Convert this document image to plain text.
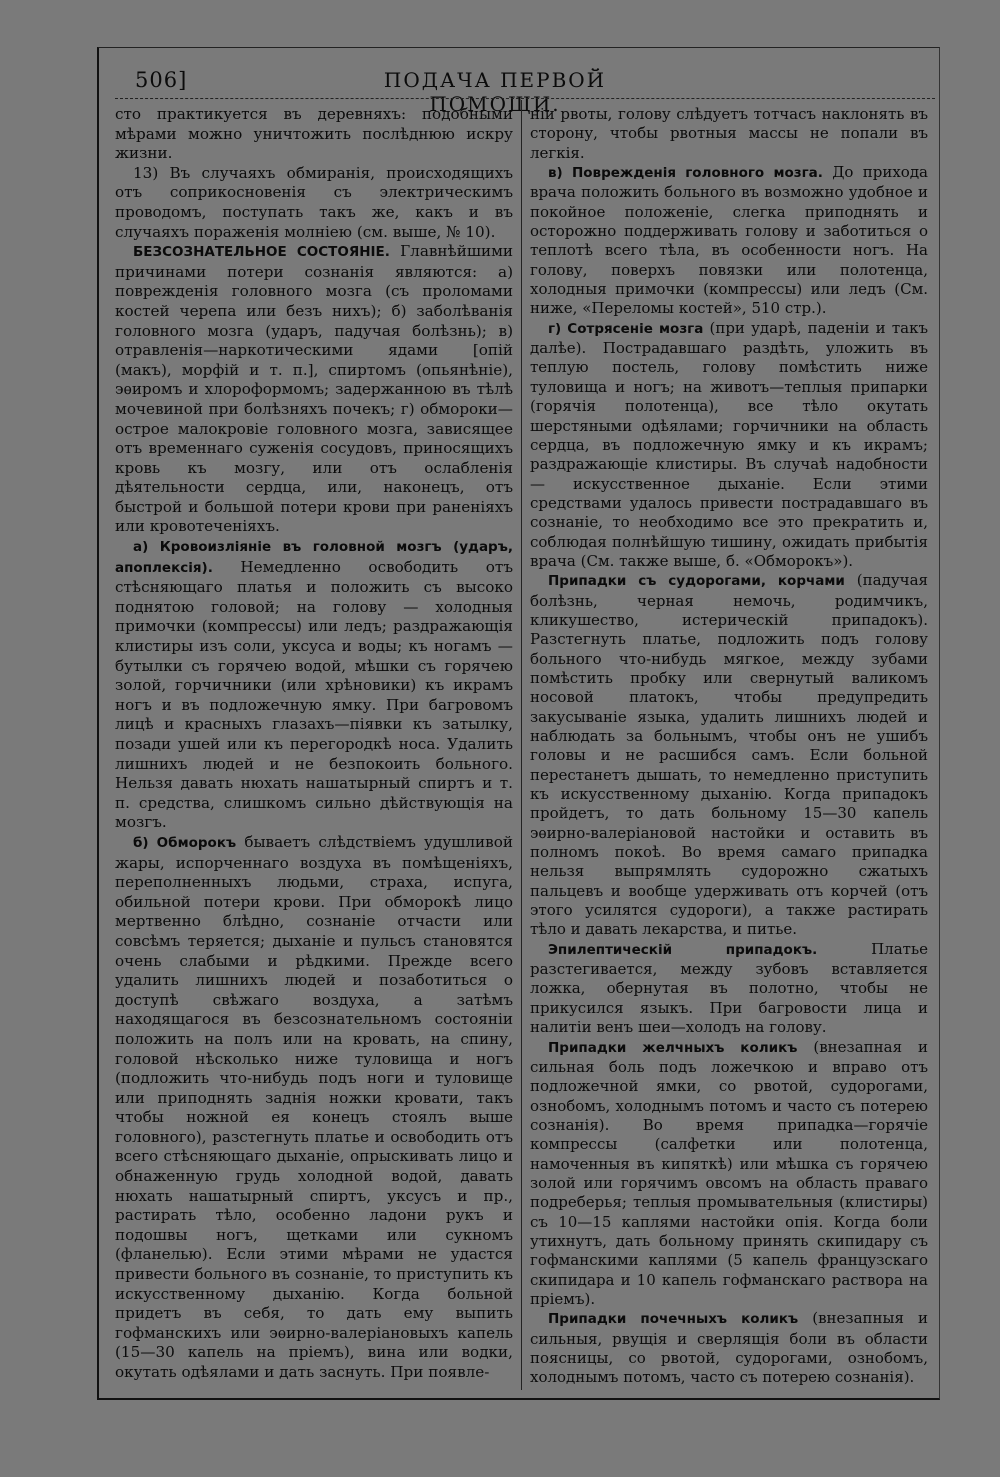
506]	ПОДАЧА ПЕРВОЙ ПОМОЩИ.

сто практикуется въ деревняхъ: подобными мѣрами можно уничтожить послѣднюю искру жизни.

13) Въ случаяхъ обмиранія, происходящихъ отъ соприкосновенія съ электрическимъ проводомъ, поступать такъ же, какъ и въ случаяхъ пораженія молніею (см. выше, № 10).

БЕЗСОЗНАТЕЛЬНОЕ СОСТОЯНІЕ. Главнѣйшими причинами потери сознанія являются: а) поврежденія головного мозга (съ проломами костей черепа или безъ нихъ); б) заболѣванія головного мозга (ударъ, падучая болѣзнь); в) отравленія—наркотическими ядами [опій (макъ), морфій и т. п.], спиртомъ (опьянѣніе), эѳиромъ и хлороформомъ; задержанною въ тѣлѣ мочевиной при болѣзняхъ почекъ; г) обмороки—острое малокровіе головного мозга, зависящее отъ временнаго суженія сосудовъ, приносящихъ кровь къ мозгу, или отъ ослабленія дѣятельности сердца, или, наконецъ, отъ быстрой и большой потери крови при раненіяхъ или кровотеченіяхъ.

а) Кровоизліяніе въ головной мозгъ (ударъ, апоплексія). Немедленно освободить отъ стѣсняющаго платья и положить съ высоко поднятою головой; на голову — холодныя примочки (компрессы) или ледъ; раздражающія клистиры изъ соли, уксуса и воды; къ ногамъ — бутылки съ горячею водой, мѣшки съ горячею золой, горчичники (или хрѣновики) къ икрамъ ногъ и въ подложечную ямку. При багровомъ лицѣ и красныхъ глазахъ—піявки къ затылку, позади ушей или къ перегородкѣ носа. Удалить лишнихъ людей и не безпокоить больного. Нельзя давать нюхать нашатырный спиртъ и т. п. средства, слишкомъ сильно дѣйствующія на мозгъ.

б) Обморокъ бываетъ слѣдствіемъ удушливой жары, испорченнаго воздуха въ помѣщеніяхъ, переполненныхъ людьми, страха, испуга, обильной потери крови. При обморокѣ лицо мертвенно блѣдно, сознаніе отчасти или совсѣмъ теряется; дыханіе и пульсъ становятся очень слабыми и рѣдкими. Прежде всего удалить лишнихъ людей и позаботиться о доступѣ свѣжаго воздуха, а затѣмъ находящагося въ безсознательномъ состояніи положить на полъ или на кровать, на спину, головой нѣсколько ниже туловища и ногъ (подложить что-нибудь подъ ноги и туловище или приподнять заднія ножки кровати, такъ чтобы ножной ея конецъ стоялъ выше головного), разстегнуть платье и освободить отъ всего стѣсняющаго дыханіе, опрыскивать лицо и обнаженную грудь холодной водой, давать нюхать нашатырный спиртъ, уксусъ и пр., растирать тѣло, особенно ладони рукъ и подошвы ногъ, щетками или сукномъ (фланелью). Если этими мѣрами не удастся привести больного въ сознаніе, то приступить къ искусственному дыханію. Когда больной придетъ въ себя, то дать ему выпить гофманскихъ или эѳирно-валеріановыхъ капель (15—30 капель на пріемъ), вина или водки, окутать одѣялами и дать заснуть. При появле-

ніи рвоты, голову слѣдуетъ тотчасъ наклонять въ сторону, чтобы рвотныя массы не попали въ легкія.

в) Поврежденія головного мозга. До прихода врача положить больного въ возможно удобное и покойное положеніе, слегка приподнять и осторожно поддерживать голову и заботиться о теплотѣ всего тѣла, въ особенности ногъ. На голову, поверхъ повязки или полотенца, холодныя примочки (компрессы) или ледъ (См. ниже, «Переломы костей», 510 стр.).

г) Сотрясеніе мозга (при ударѣ, паденіи и такъ далѣе). Пострадавшаго раздѣть, уложить въ теплую постель, голову помѣстить ниже туловища и ногъ; на животъ—теплыя припарки (горячія полотенца), все тѣло окутать шерстяными одѣялами; горчичники на область сердца, въ подложечную ямку и къ икрамъ; раздражающіе клистиры. Въ случаѣ надобности — искусственное дыханіе. Если этими средствами удалось привести пострадавшаго въ сознаніе, то необходимо все это прекратить и, соблюдая полнѣйшую тишину, ожидать прибытія врача (См. также выше, б. «Обморокъ»).

Припадки съ судорогами, корчами (падучая болѣзнь, черная немочь, родимчикъ, кликушество, истерическій припадокъ). Разстегнуть платье, подложить подъ голову больного что-нибудь мягкое, между зубами помѣстить пробку или свернутый валикомъ носовой платокъ, чтобы предупредить закусываніе языка, удалить лишнихъ людей и наблюдать за больнымъ, чтобы онъ не ушибъ головы и не расшибся самъ. Если больной перестанетъ дышать, то немедленно приступить къ искусственному дыханію. Когда припадокъ пройдетъ, то дать больному 15—30 капель эѳирно-валеріановой настойки и оставить въ полномъ покоѣ. Во время самаго припадка нельзя выпрямлять судорожно сжатыхъ пальцевъ и вообще удерживать отъ корчей (отъ этого усилятся судороги), а также растирать тѣло и давать лекарства, и питье.

Эпилептическій припадокъ. Платье разстегивается, между зубовъ вставляется ложка, обернутая въ полотно, чтобы не прикусился языкъ. При багровости лица и налитіи венъ шеи—холодъ на голову.

Припадки желчныхъ коликъ (внезапная и сильная боль подъ ложечкою и вправо отъ подложечной ямки, со рвотой, судорогами, ознобомъ, холоднымъ потомъ и часто съ потерею сознанія). Во время припадка—горячіе компрессы (салфетки или полотенца, намоченныя въ кипяткѣ) или мѣшка съ горячею золой или горячимъ овсомъ на область праваго подреберья; теплыя промывательныя (клистиры) съ 10—15 каплями настойки опія. Когда боли утихнутъ, дать больному принять скипидару съ гофманскими каплями (5 капель французскаго скипидара и 10 капель гофманскаго раствора на пріемъ).

Припадки почечныхъ коликъ (внезапныя и сильныя, рвущія и сверлящія боли въ области поясницы, со рвотой, судорогами, ознобомъ, холоднымъ потомъ, часто съ потерею сознанія).
